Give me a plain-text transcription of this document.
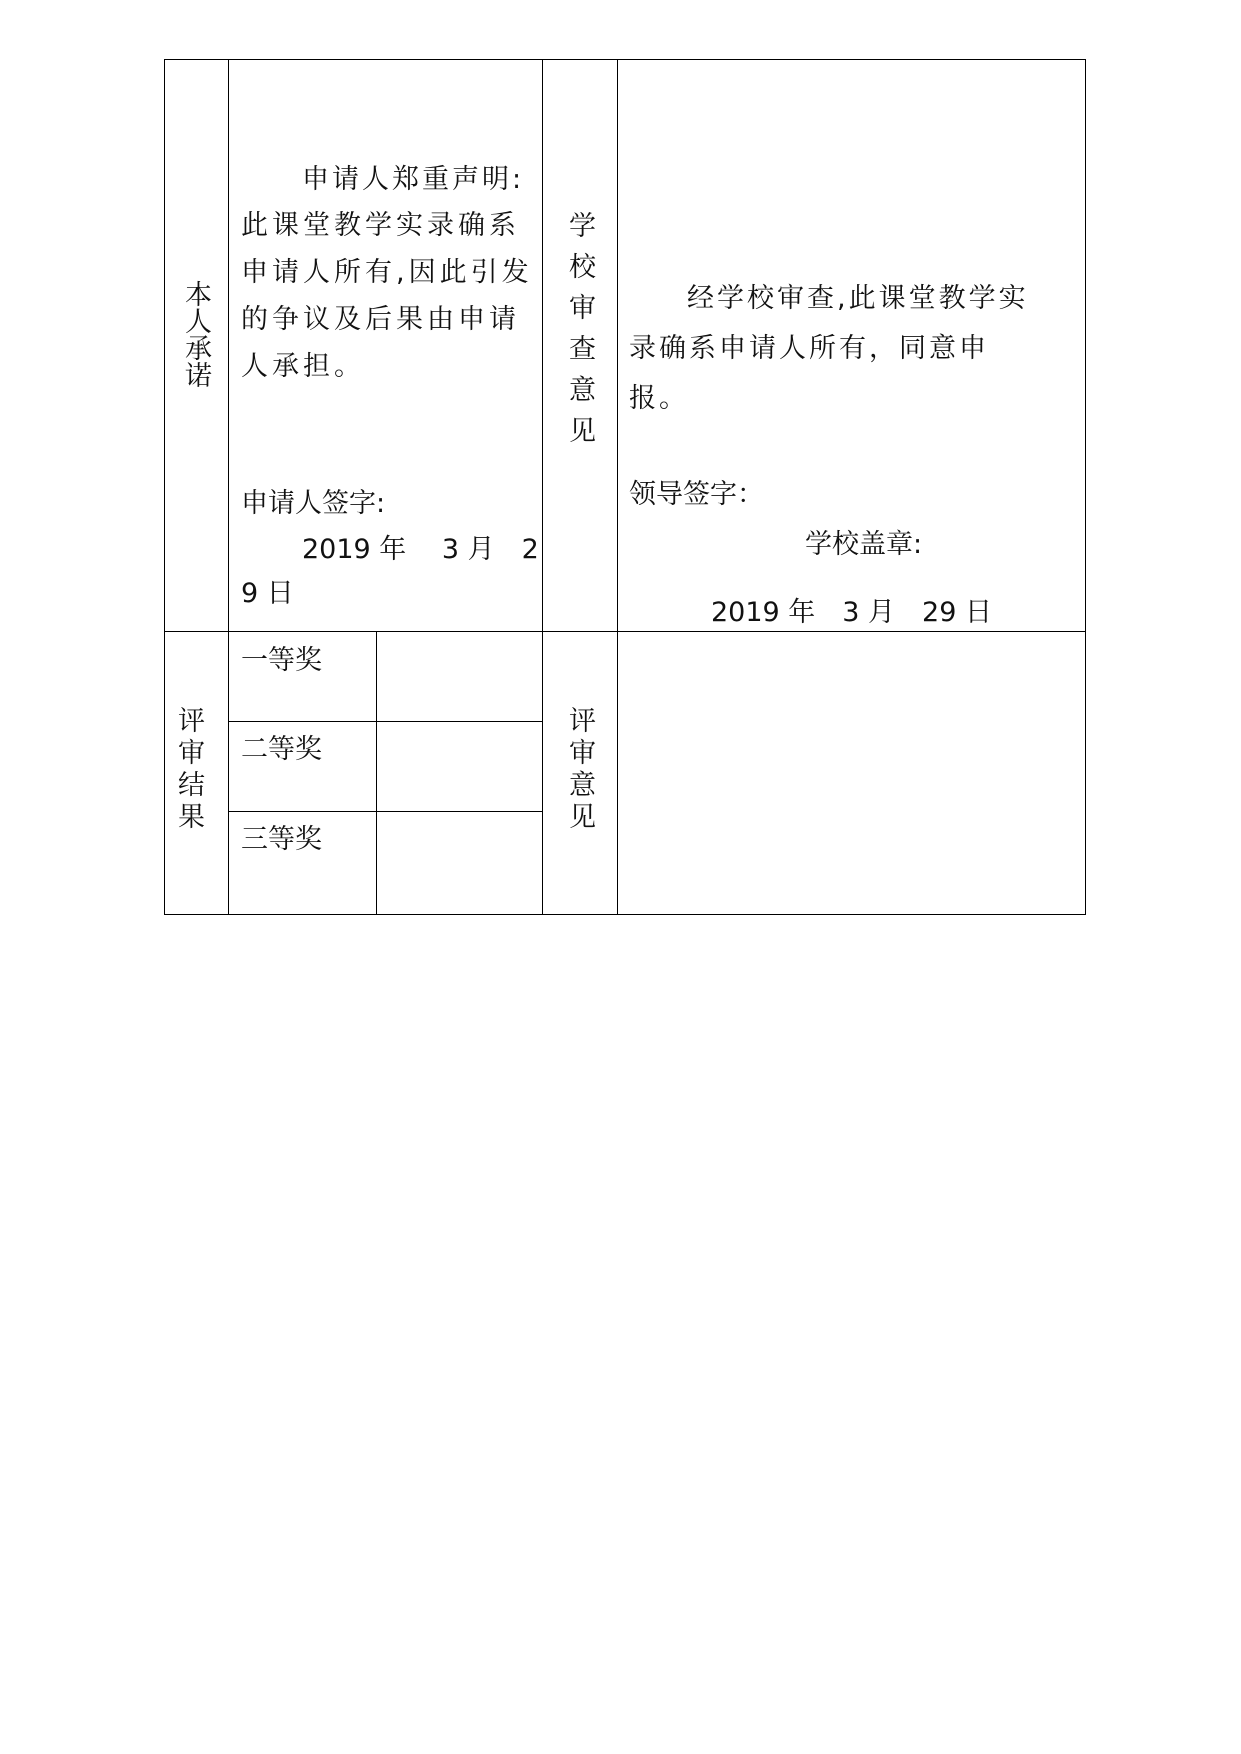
本人承诺
申请人郑重声明:
此课堂教学实录确系申请人所有,因此引发的争议及后果由申请人承担。
申请人签字:
2019 年　 3 月　2
9 日
学校审查意见	经学校审查,此课堂教学实录确系申请人所有，同意申报。
领导签字：
学校盖章:
2019 年　3 月　29 日
评审结果
一等奖
二等奖
三等奖
评审意见
